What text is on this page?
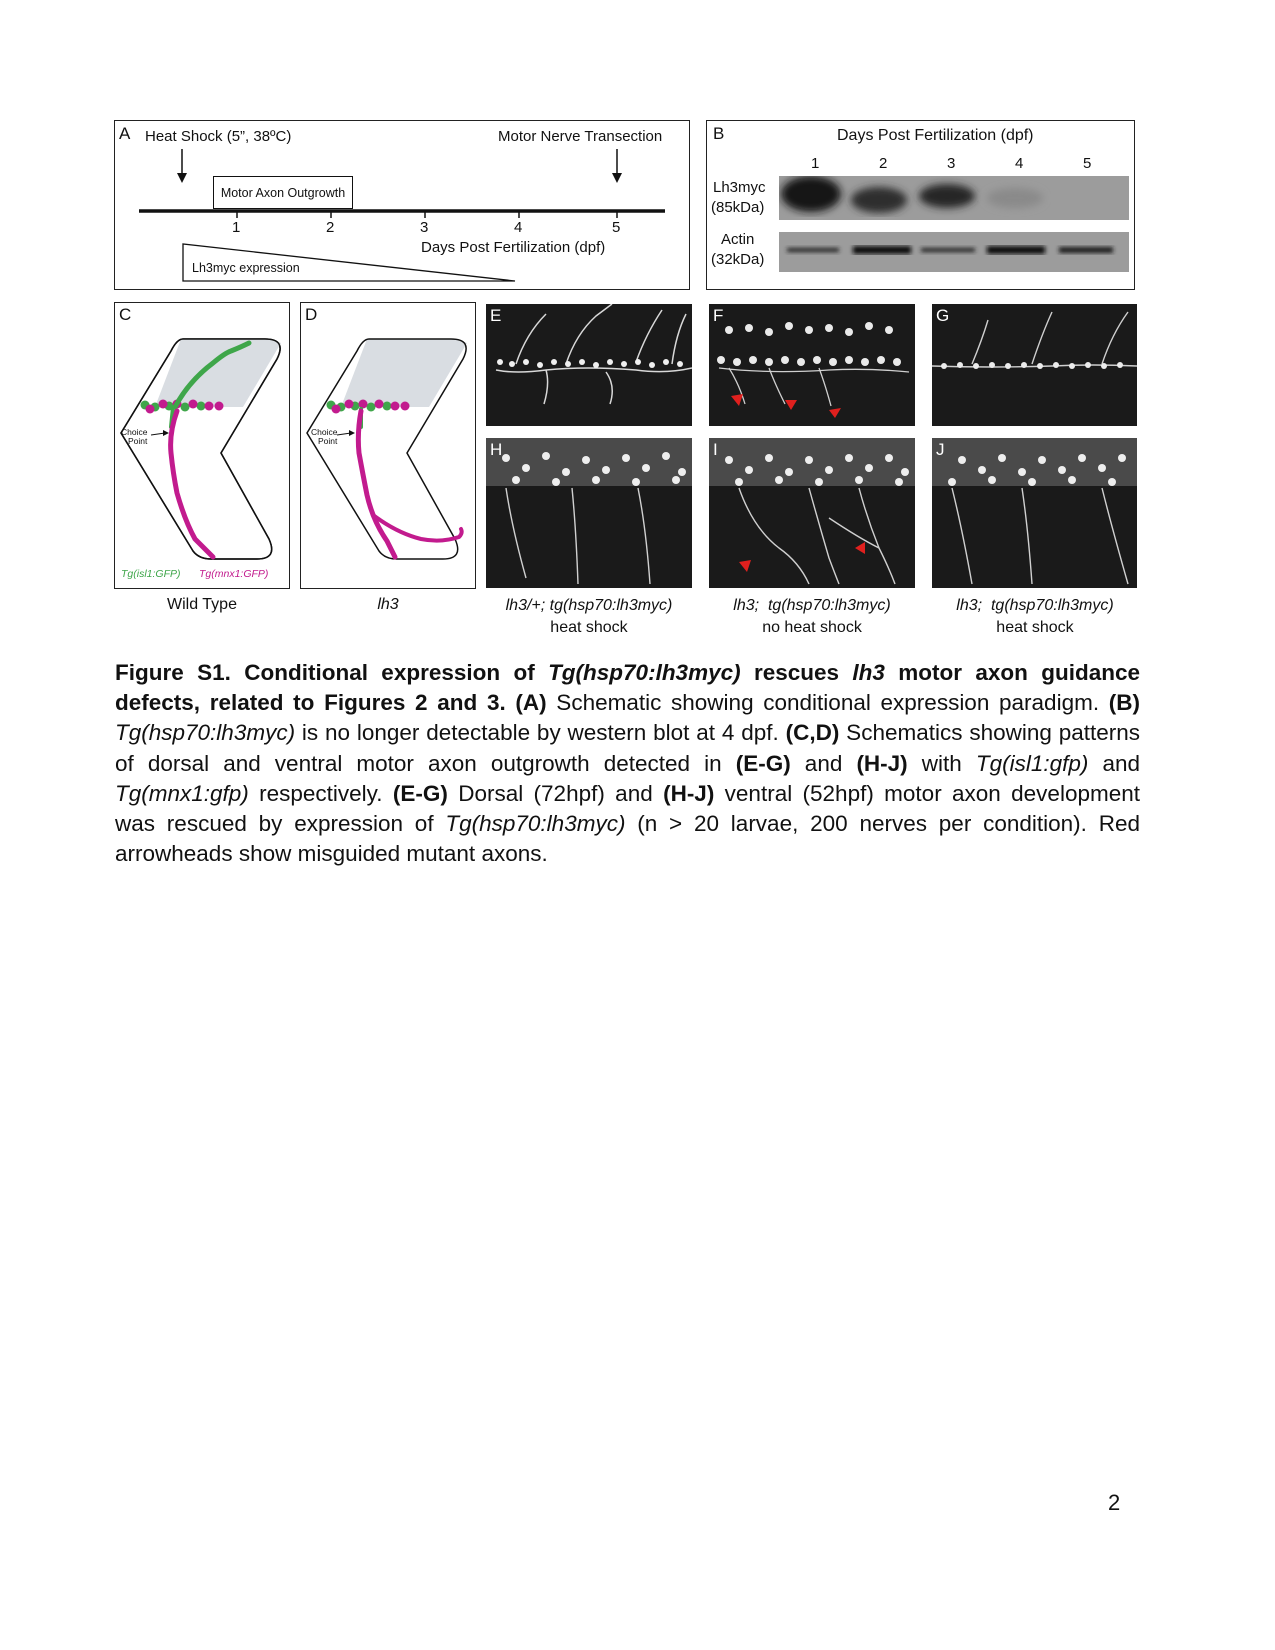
A Heat Shock (5”, 38ºC)	Motor Nerve Transection
Motor Axon Outgrowth
1	2	3	4	5
Days Post Fertilization (dpf)
Lh3myc expression
B	Days Post Fertilization (dpf)
1	2	3	4	5
Lh3myc
(85kDa)
Actin
(32kDa)
C
Choice
Point
Tg(isl1:GFP) Tg(mnx1:GFP)
Wild Type
D
Choice
Point
lh3
E	F	G
H	I	J
lh3/+; tg(hsp70:lh3myc)
heat shock
lh3;  tg(hsp70:lh3myc)
no heat shock
lh3;  tg(hsp70:lh3myc)
heat shock
Figure S1. Conditional expression of Tg(hsp70:lh3myc) rescues lh3 motor axon guidance defects, related to Figures 2 and 3. (A) Schematic showing conditional expression paradigm. (B) Tg(hsp70:lh3myc) is no longer detectable by western blot at 4 dpf. (C,D) Schematics showing patterns of dorsal and ventral motor axon outgrowth detected in (E-G) and (H-J) with Tg(isl1:gfp) and Tg(mnx1:gfp) respectively. (E-G) Dorsal (72hpf) and (H-J) ventral (52hpf) motor axon development was rescued by expression of Tg(hsp70:lh3myc) (n > 20 larvae, 200 nerves per condition). Red arrowheads show misguided mutant axons.
2
